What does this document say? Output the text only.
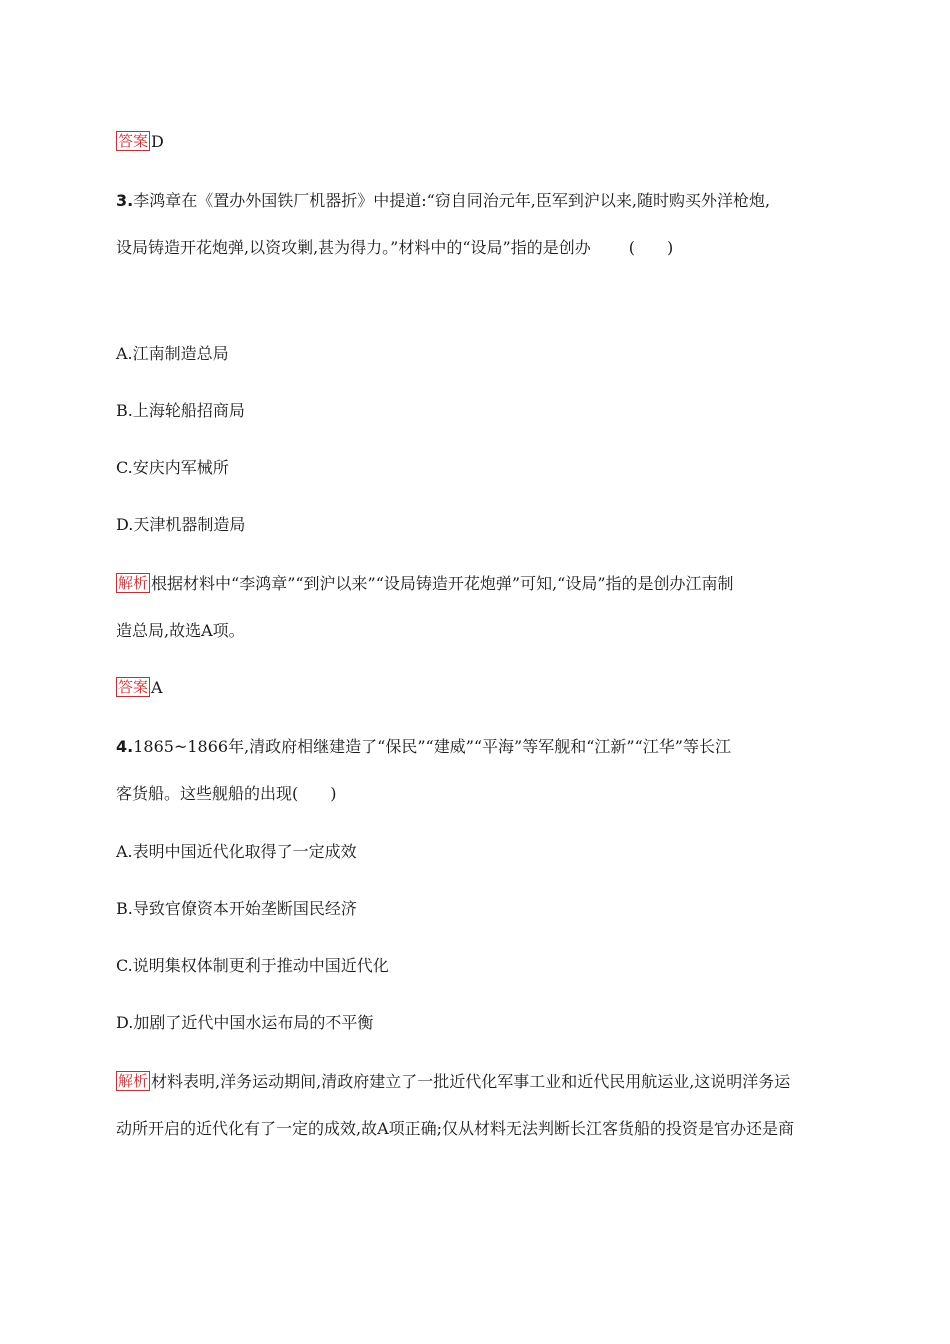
答案 D
3.李鸿章在《置办外国铁厂机器折》中提道:“窃自同治元年,臣军到沪以来,随时购买外洋枪炮,
设局铸造开花炮弹,以资攻剿,甚为得力。”材料中的“设局”指的是创办 (　　)
A.江南制造总局
B.上海轮船招商局
C.安庆内军械所
D.天津机器制造局
解析 根据材料中“李鸿章”“到沪以来”“设局铸造开花炮弹”可知,“设局”指的是创办江南制
造总局,故选A项。
答案 A
4.1865~1866年,清政府相继建造了“保民”“建威”“平海”等军舰和“江新”“江华”等长江
客货船。这些舰船的出现(　　)
A.表明中国近代化取得了一定成效
B.导致官僚资本开始垄断国民经济
C.说明集权体制更利于推动中国近代化
D.加剧了近代中国水运布局的不平衡
解析 材料表明,洋务运动期间,清政府建立了一批近代化军事工业和近代民用航运业,这说明洋务运
动所开启的近代化有了一定的成效,故A项正确;仅从材料无法判断长江客货船的投资是官办还是商
